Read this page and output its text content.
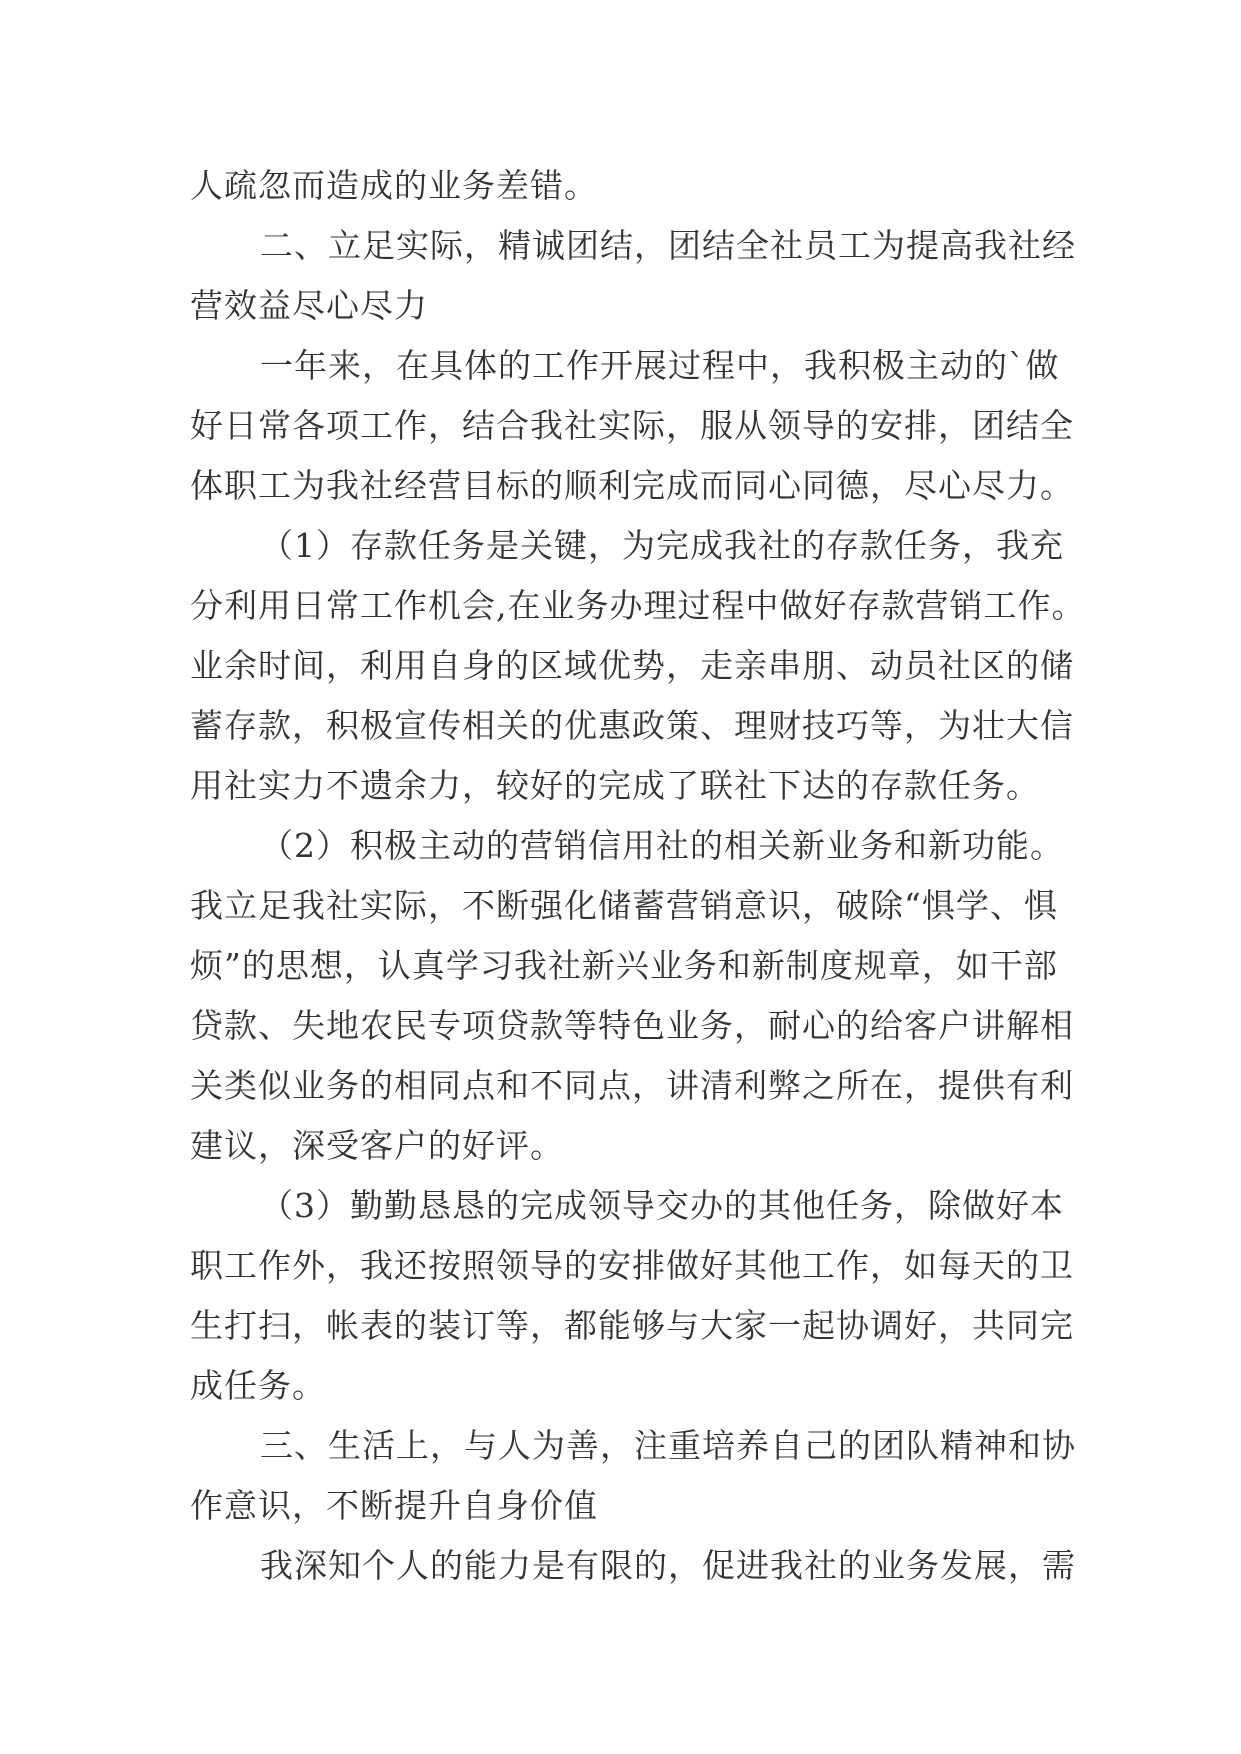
人疏忽而造成的业务差错。
二、立足实际，精诚团结，团结全社员工为提高我社经
营效益尽心尽力
一年来，在具体的工作开展过程中，我积极主动的`做
好日常各项工作，结合我社实际，服从领导的安排，团结全
体职工为我社经营目标的顺利完成而同心同德，尽心尽力。
（1）存款任务是关键，为完成我社的存款任务，我充
分利用日常工作机会,在业务办理过程中做好存款营销工作。
业余时间，利用自身的区域优势，走亲串朋、动员社区的储
蓄存款，积极宣传相关的优惠政策、理财技巧等，为壮大信
用社实力不遗余力，较好的完成了联社下达的存款任务。
（2）积极主动的营销信用社的相关新业务和新功能。
我立足我社实际，不断强化储蓄营销意识，破除“惧学、惧
烦”的思想，认真学习我社新兴业务和新制度规章，如干部
贷款、失地农民专项贷款等特色业务，耐心的给客户讲解相
关类似业务的相同点和不同点，讲清利弊之所在，提供有利
建议，深受客户的好评。
（3）勤勤恳恳的完成领导交办的其他任务，除做好本
职工作外，我还按照领导的安排做好其他工作，如每天的卫
生打扫，帐表的装订等，都能够与大家一起协调好，共同完
成任务。
三、生活上，与人为善，注重培养自己的团队精神和协
作意识，不断提升自身价值
我深知个人的能力是有限的，促进我社的业务发展，需
